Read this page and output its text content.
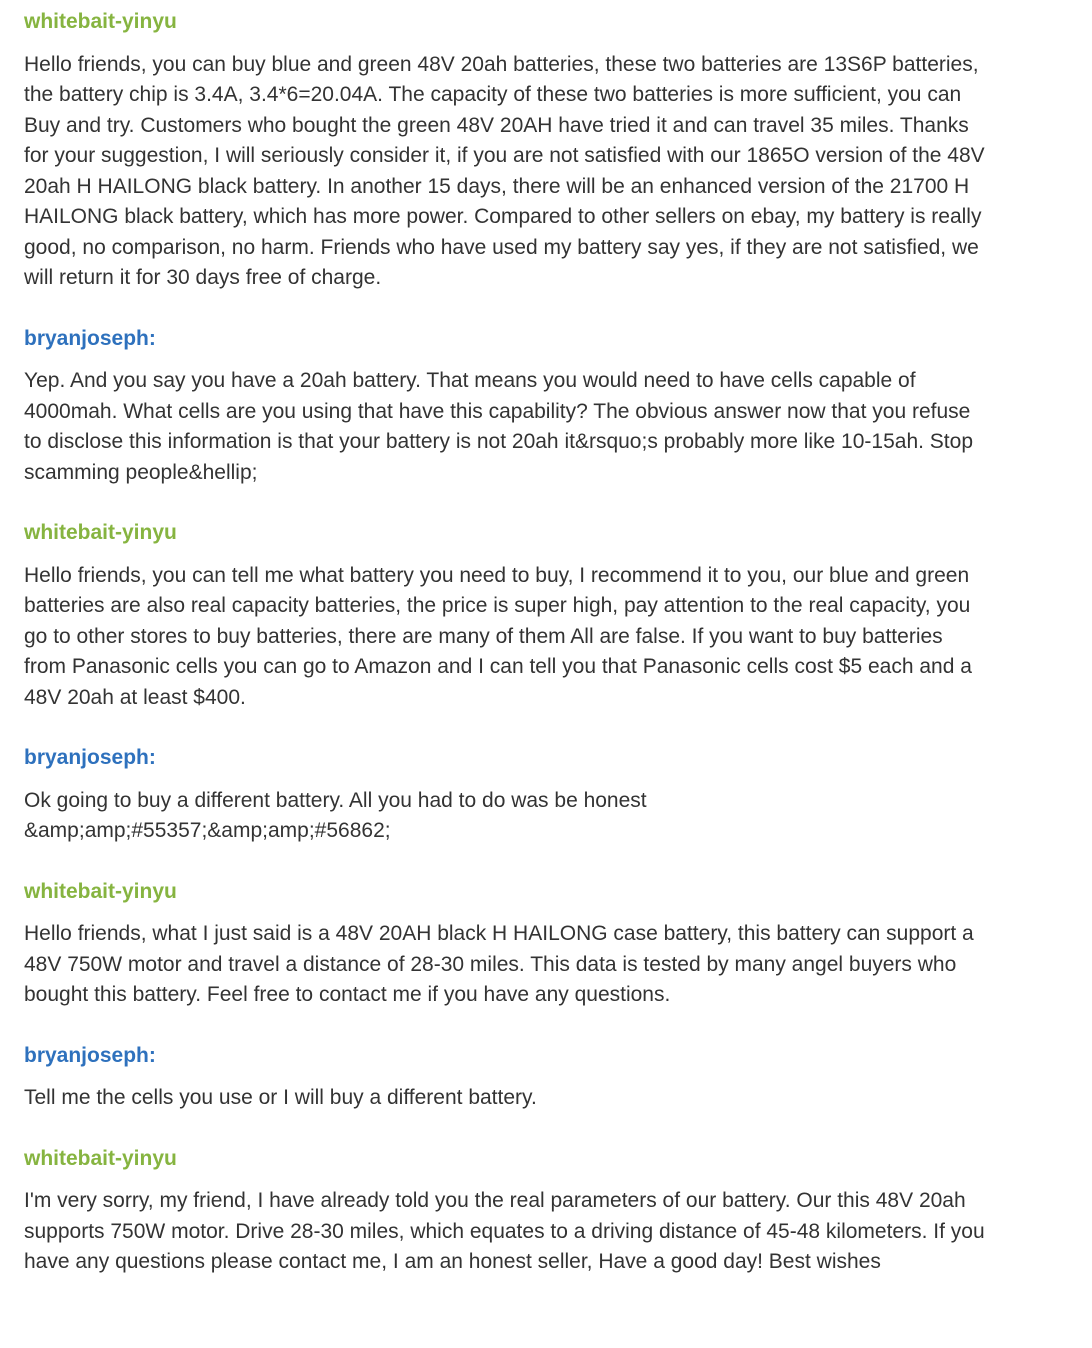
whitebait-yinyu

Hello friends, you can buy blue and green 48V 20ah batteries, these two batteries are 13S6P batteries, the battery chip is 3.4A, 3.4*6=20.04A. The capacity of these two batteries is more sufficient, you can Buy and try. Customers who bought the green 48V 20AH have tried it and can travel 35 miles. Thanks for your suggestion, I will seriously consider it, if you are not satisfied with our 1865O version of the 48V 20ah H HAILONG black battery. In another 15 days, there will be an enhanced version of the 21700 H HAILONG black battery, which has more power. Compared to other sellers on ebay, my battery is really good, no comparison, no harm. Friends who have used my battery say yes, if they are not satisfied, we will return it for 30 days free of charge.

bryanjoseph:

Yep. And you say you have a 20ah battery. That means you would need to have cells capable of 4000mah. What cells are you using that have this capability? The obvious answer now that you refuse to disclose this information is that your battery is not 20ah it&rsquo;s probably more like 10-15ah. Stop scamming people&hellip;

whitebait-yinyu

Hello friends, you can tell me what battery you need to buy, I recommend it to you, our blue and green batteries are also real capacity batteries, the price is super high, pay attention to the real capacity, you go to other stores to buy batteries, there are many of them All are false. If you want to buy batteries from Panasonic cells you can go to Amazon and I can tell you that Panasonic cells cost $5 each and a 48V 20ah at least $400.

bryanjoseph:

Ok going to buy a different battery. All you had to do was be honest &amp;amp;#55357;&amp;amp;#56862;

whitebait-yinyu

Hello friends, what I just said is a 48V 20AH black H HAILONG case battery, this battery can support a 48V 750W motor and travel a distance of 28-30 miles. This data is tested by many angel buyers who bought this battery. Feel free to contact me if you have any questions.

bryanjoseph:

Tell me the cells you use or I will buy a different battery.

whitebait-yinyu

I'm very sorry, my friend, I have already told you the real parameters of our battery. Our this 48V 20ah supports 750W motor. Drive 28-30 miles, which equates to a driving distance of 45-48 kilometers. If you have any questions please contact me, I am an honest seller, Have a good day! Best wishes
